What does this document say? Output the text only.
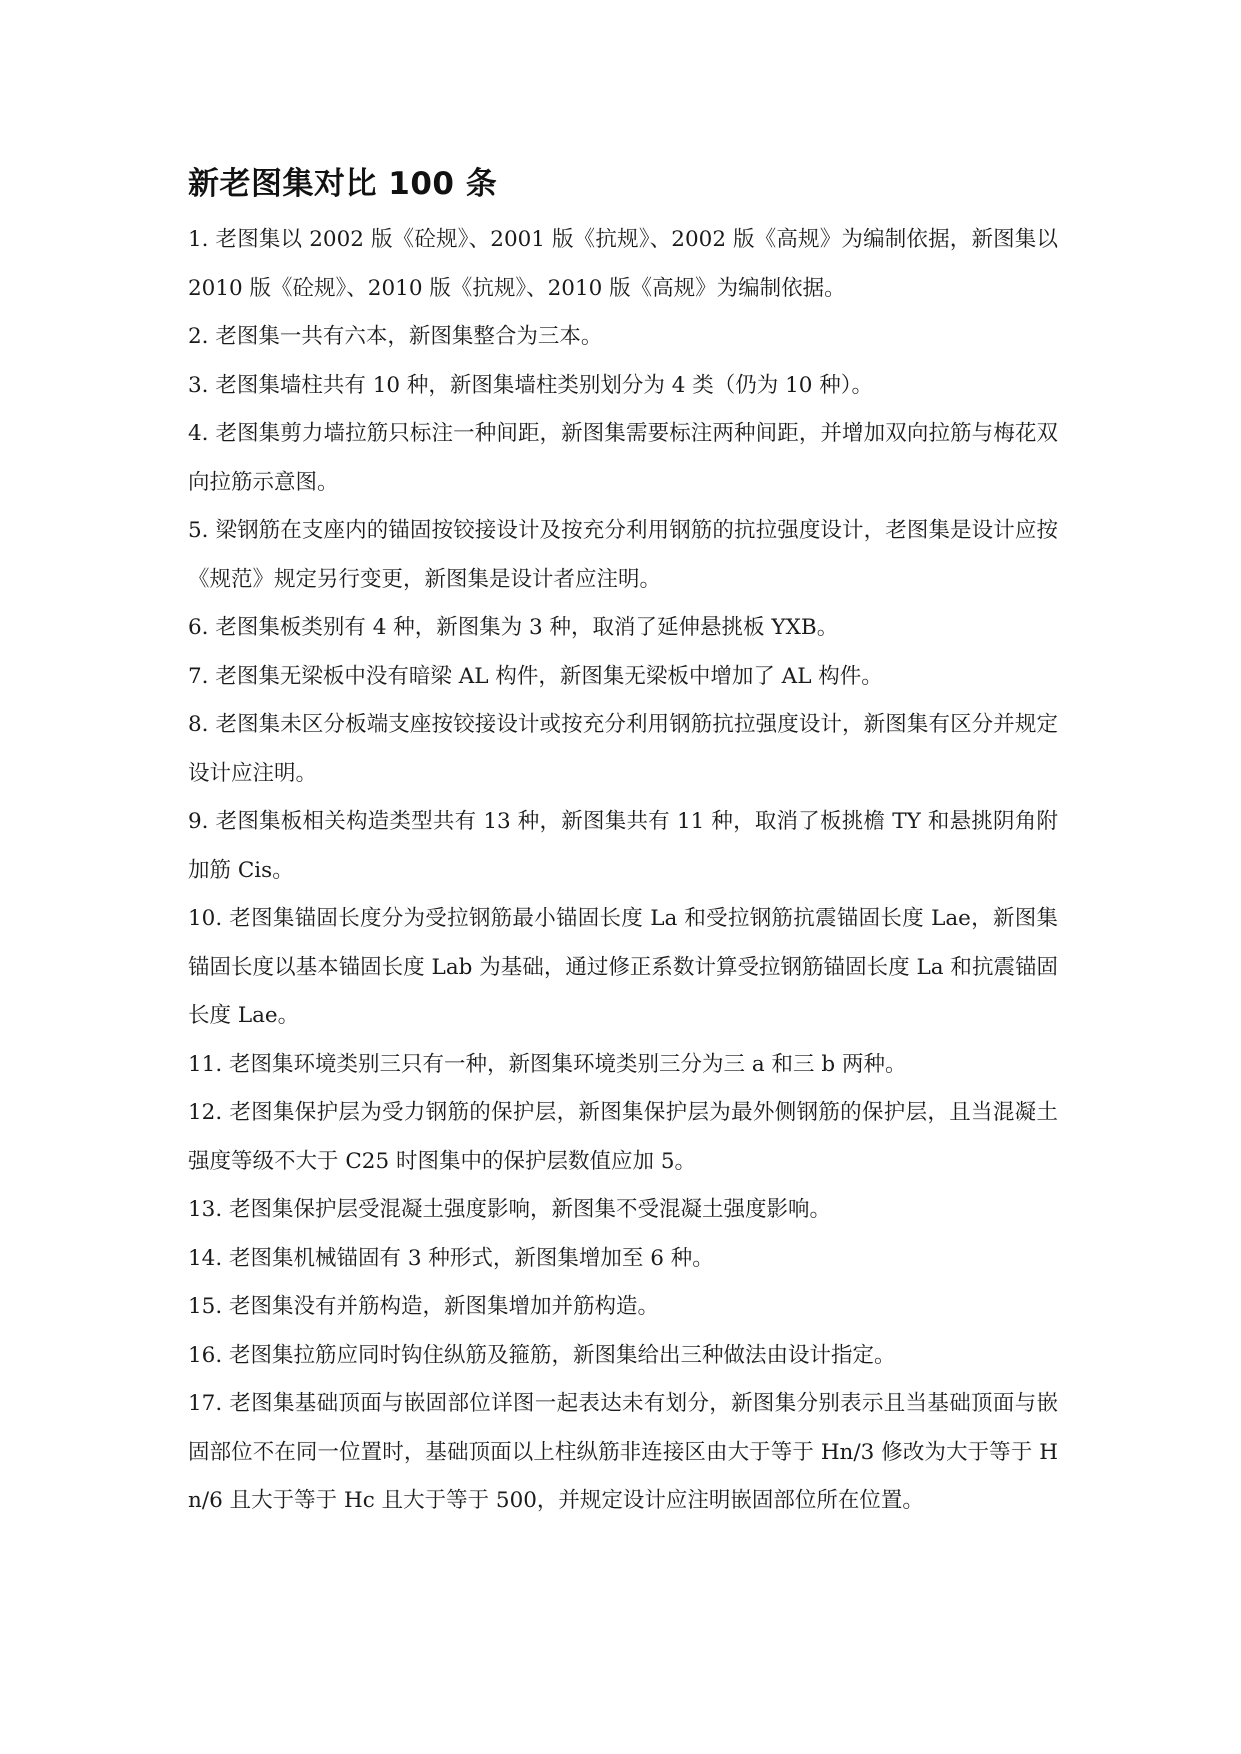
新老图集对比 100 条

1. 老图集以 2002 版《砼规》、2001 版《抗规》、2002 版《高规》为编制依据，新图集以 2010 版《砼规》、2010 版《抗规》、2010 版《高规》为编制依据。

2. 老图集一共有六本，新图集整合为三本。

3. 老图集墙柱共有 10 种，新图集墙柱类别划分为 4 类（仍为 10 种）。

4. 老图集剪力墙拉筋只标注一种间距，新图集需要标注两种间距，并增加双向拉筋与梅花双向拉筋示意图。

5. 梁钢筋在支座内的锚固按铰接设计及按充分利用钢筋的抗拉强度设计，老图集是设计应按《规范》规定另行变更，新图集是设计者应注明。

6. 老图集板类别有 4 种，新图集为 3 种，取消了延伸悬挑板 YXB。

7. 老图集无梁板中没有暗梁 AL 构件，新图集无梁板中增加了 AL 构件。

8. 老图集未区分板端支座按铰接设计或按充分利用钢筋抗拉强度设计，新图集有区分并规定设计应注明。

9. 老图集板相关构造类型共有 13 种，新图集共有 11 种，取消了板挑檐 TY 和悬挑阴角附加筋 Cis。

10. 老图集锚固长度分为受拉钢筋最小锚固长度 La 和受拉钢筋抗震锚固长度 Lae，新图集锚固长度以基本锚固长度 Lab 为基础，通过修正系数计算受拉钢筋锚固长度 La 和抗震锚固长度 Lae。

11. 老图集环境类别三只有一种，新图集环境类别三分为三 a 和三 b 两种。

12. 老图集保护层为受力钢筋的保护层，新图集保护层为最外侧钢筋的保护层，且当混凝土强度等级不大于 C25 时图集中的保护层数值应加 5。

13. 老图集保护层受混凝土强度影响，新图集不受混凝土强度影响。

14. 老图集机械锚固有 3 种形式，新图集增加至 6 种。

15. 老图集没有并筋构造，新图集增加并筋构造。

16. 老图集拉筋应同时钩住纵筋及箍筋，新图集给出三种做法由设计指定。

17. 老图集基础顶面与嵌固部位详图一起表达未有划分，新图集分别表示且当基础顶面与嵌固部位不在同一位置时，基础顶面以上柱纵筋非连接区由大于等于 Hn/3 修改为大于等于 Hn/6 且大于等于 Hc 且大于等于 500，并规定设计应注明嵌固部位所在位置。
